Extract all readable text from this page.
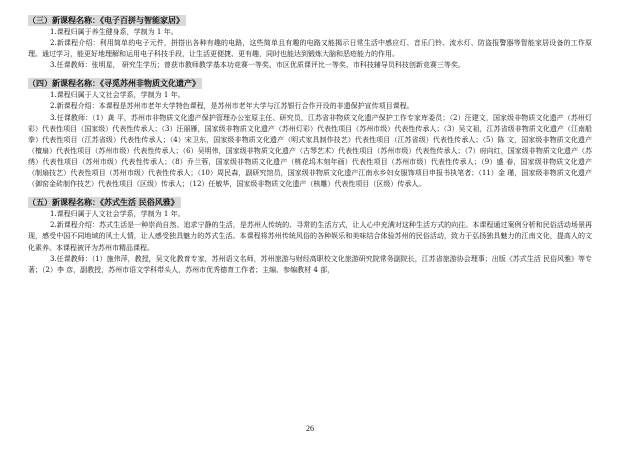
（三）新课程名称：《电子百拼与智能家居》

1.课程归属于养生健身系，学制为 1 年。

2.新课程介绍：利用简单的电子元件，拼搭出各种有趣的电路，这些简单且有趣的电路又能揭示日常生活中感应灯、音乐门铃、流水灯、防盗报警器等智能家居设备的工作原理。通过学习，能更好地理解和运用电子科技手段，让生活更便捷、更有趣，同时也能达到锻炼大脑和恶疮能力的作用。

3.任课教师：张明星， 研究生学历；曾获市教师教学基本功竞赛一等奖、市区优质课评比一等奖、市科技辅导员科技创新竞赛三等奖。

（四）新课程名称：《寻觅苏州非物质文化遗产》

1.课程归属于人文社会学系，学制为 1 年。

2.新课程介绍：本课程是苏州市老年大学特色课程，是苏州市老年大学与江苏银行合作开设的非遗保护宣传项目课程。

3.任课教师：（1）龚 平，苏州市非物质文化遗产保护管理办公室原主任、研究员，江苏省非物质文化遗产保护工作专家库委员；（2）汪建文，国家级非物质文化遗产（苏州灯彩）代表性项目（国家级）代表性传承人；（3）汪丽雁，国家级非物质文化遗产（苏州灯彩）代表性项目（苏州市级）代表性传承人；（3）吴文祖，江苏省级非物质文化遗产（江南船拳）代表性项目（江苏省级）代表性传承人；（4）宋卫东，国家级非物质文化遗产（明式家具制作技艺）代表性项目（江苏省级）代表性传承人；（5）陈 文，国家级非物质文化遗产（檀扇）代表性项目（苏州市级）代表性传承人；（6）吴明伟，国家级非物质文化遗产（古琴艺术）代表性项目（苏州市级）代表性传承人；（7）府向红，国家级非物质文化遗产（苏绣）代表性项目（苏州市级）代表性传承人；（8）乔兰蓉，国家级非物质文化遗产（桃花坞木刻年画）代表性项目（苏州市级）代表性传承人；（9）盛 春，国家级非物质文化遗产（制扇技艺）代表性项目（苏州市级）代表性传承人；（10）周民森，副研究馆员，国家级非物质文化遗产江南水乡妇女服饰项目申报书执笔者；（11）金 瑾，国家级非物质文化遗产（御窑金砖制作技艺）代表性项目（区级）传承人；（12）任敏华，国家级非物质文化遗产（核雕）代表性项目（区级）传承人。

（五）新课程名称：《苏式生活 民俗风雅》

1.课程归属于人文社会学系，学制为 1 年。

2.新课程介绍：苏式生活是一种崇尚自然、追求宁静的生活，是苏州人传统的、寻常的生活方式，让人心中充满对这种生活方式的向往。本课程通过案例分析和民俗活动场景再现，感受中国不同地域的风土人情，让人感受独具魅力的苏式生活。本课程将苏州传统风俗的各种娱乐和美味结合体验苏州的民俗活动，致力于弘扬独具魅力的江南文化，提高人的文化素养。本课程被评为苏州市精品课程。

3.任课教师：（1）施伟萍，教授，吴文化教育专家，苏州语文名师，苏州旅游与财经高职校文化旅游研究院常务副院长，江苏省旅游协会理事；出版《苏式生活 民俗风雅》等专著；（2）李 彦，副教授，苏州市语文学科带头人，苏州市优秀德育工作者；主编、参编教材 4 部，

26
